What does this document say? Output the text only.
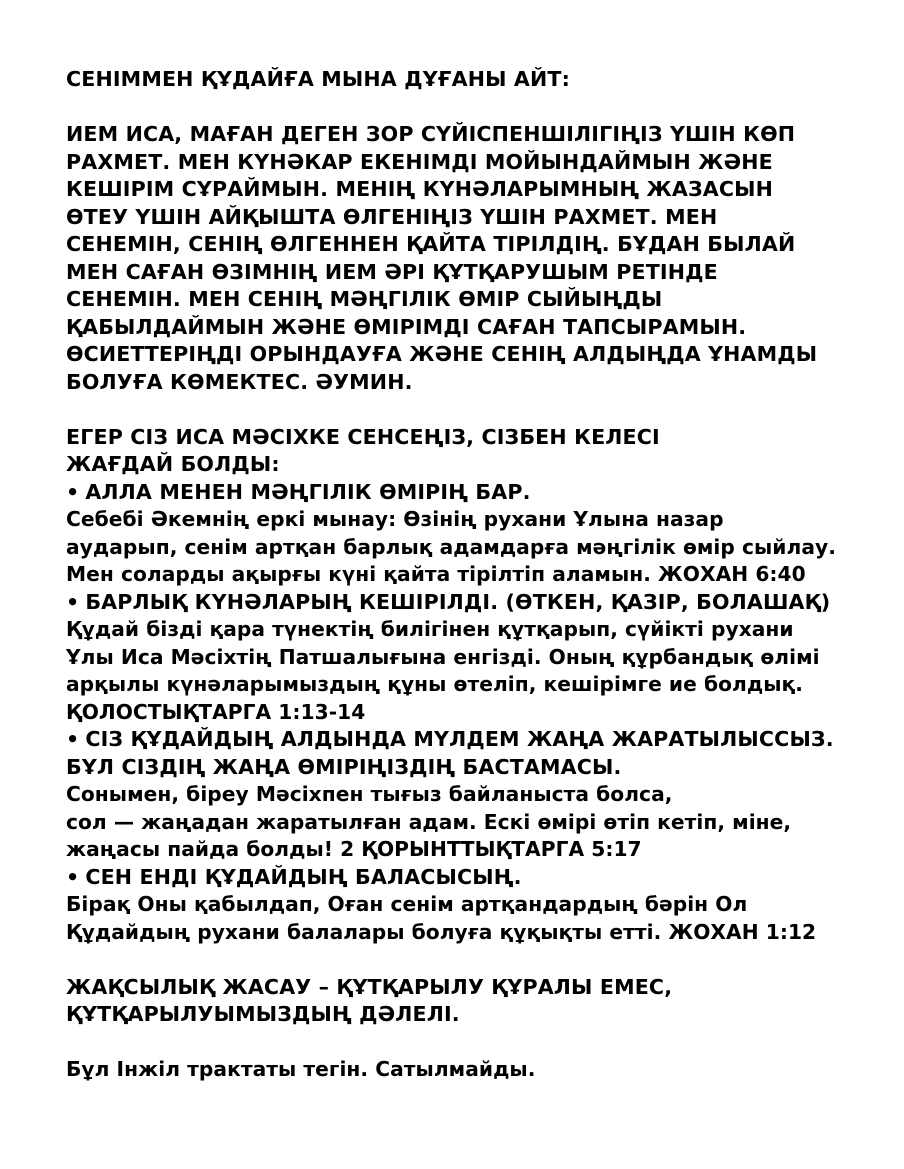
СЕНІММЕН ҚҰДАЙҒА МЫНА ДҰҒАНЫ АЙТ:
ИЕМ ИСА, МАҒАН ДЕГЕН ЗОР СҮЙІСПЕНШІЛІГІҢІЗ ҮШІН КӨП
РАХМЕТ. МЕН КҮНӘКАР ЕКЕНІМДІ МОЙЫНДАЙМЫН ЖӘНЕ
КЕШІРІМ СҰРАЙМЫН. МЕНІҢ КҮНӘЛАРЫМНЫҢ ЖАЗАСЫН
ӨТЕУ ҮШІН АЙҚЫШТА ӨЛГЕНІҢІЗ ҮШІН РАХМЕТ. МЕН
СЕНЕМІН, СЕНІҢ ӨЛГЕННЕН ҚАЙТА ТІРІЛДІҢ. БҰДАН БЫЛАЙ
МЕН САҒАН ӨЗІМНІҢ ИЕМ ӘРІ ҚҰТҚАРУШЫМ РЕТІНДЕ
СЕНЕМІН. МЕН СЕНІҢ МӘҢГІЛІК ӨМІР СЫЙЫҢДЫ
ҚАБЫЛДАЙМЫН ЖӘНЕ ӨМІРІМДІ САҒАН ТАПСЫРАМЫН.
ӨСИЕТТЕРІҢДІ ОРЫНДАУҒА ЖӘНЕ СЕНІҢ АЛДЫҢДА ҰНАМДЫ
БОЛУҒА КӨМЕКТЕС. ӘУМИН.
ЕГЕР СІЗ ИСА МӘСІХКЕ СЕНСЕҢІЗ, СІЗБЕН КЕЛЕСІ
ЖАҒДАЙ БОЛДЫ:
• АЛЛА МЕНЕН МӘҢГІЛІК ӨМІРІҢ БАР.
Себебі Әкемнің еркі мынау: Өзінің рухани Ұлына назар
аударып, сенім артқан барлық адамдарға мәңгілік өмір сыйлау.
Мен соларды ақырғы күні қайта тірілтіп аламын. ЖОХАН 6:40
• БАРЛЫҚ КҮНӘЛАРЫҢ КЕШІРІЛДІ. (ӨТКЕН, ҚАЗІР, БОЛАШАҚ)
Құдай бізді қара түнектің билігінен құтқарып, сүйікті рухани
Ұлы Иса Мәсіхтің Патшалығына енгізді. Оның құрбандық өлімі
арқылы күнәларымыздың құны өтеліп, кешірімге ие болдық.
ҚОЛОСТЫҚТАРГА 1:13-14
• СІЗ ҚҰДАЙДЫҢ АЛДЫНДА МҮЛДЕМ ЖАҢА ЖАРАТЫЛЫССЫЗ.
БҰЛ СІЗДІҢ ЖАҢА ӨМІРІҢІЗДІҢ БАСТАМАСЫ.
Сонымен, біреу Мәсіхпен тығыз байланыста болса,
сол — жаңадан жаратылған адам. Ескі өмірі өтіп кетіп, міне,
жаңасы пайда болды! 2 ҚОРЫНТТЫҚТАРГА 5:17
• СЕН ЕНДІ ҚҰДАЙДЫҢ БАЛАСЫСЫҢ.
Бірақ Оны қабылдап, Оған сенім артқандардың бәрін Ол
Құдайдың рухани балалары болуға құқықты етті. ЖОХАН 1:12
ЖАҚСЫЛЫҚ ЖАСАУ – ҚҰТҚАРЫЛУ ҚҰРАЛЫ ЕМЕС,
ҚҰТҚАРЫЛУЫМЫЗДЫҢ ДӘЛЕЛІ.
Бұл Інжіл трактаты тегін. Сатылмайды.
